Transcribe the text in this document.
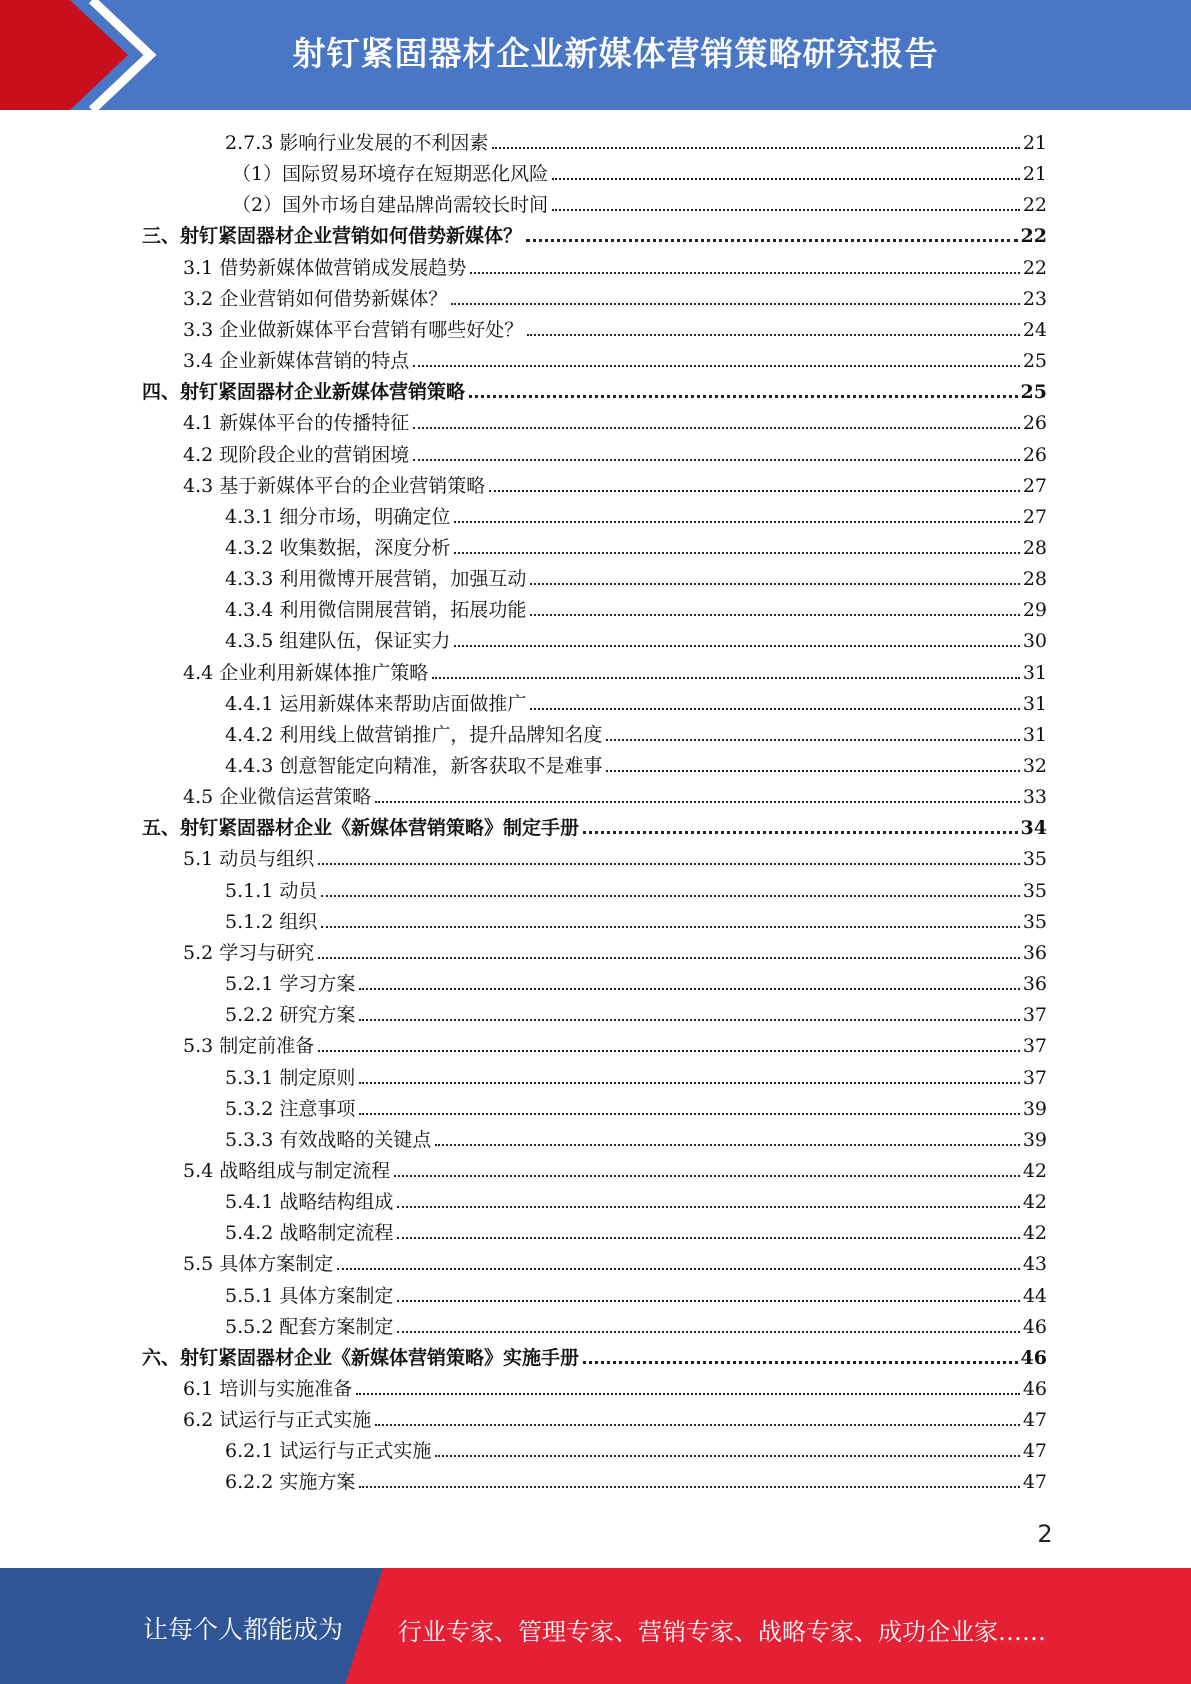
射钉紧固器材企业新媒体营销策略研究报告
2.7.3 影响行业发展的不利因素	21
（1）国际贸易环境存在短期恶化风险	21
（2）国外市场自建品牌尚需较长时间	22
三、射钉紧固器材企业营销如何借势新媒体？	22
3.1 借势新媒体做营销成发展趋势	22
3.2 企业营销如何借势新媒体？	23
3.3 企业做新媒体平台营销有哪些好处？	24
3.4 企业新媒体营销的特点	25
四、射钉紧固器材企业新媒体营销策略	25
4.1 新媒体平台的传播特征	26
4.2 现阶段企业的营销困境	26
4.3 基于新媒体平台的企业营销策略	27
4.3.1 细分市场，明确定位	27
4.3.2 收集数据，深度分析	28
4.3.3 利用微博开展营销，加强互动	28
4.3.4 利用微信開展营销，拓展功能	29
4.3.5 组建队伍，保证实力	30
4.4 企业利用新媒体推广策略	31
4.4.1 运用新媒体来帮助店面做推广	31
4.4.2 利用线上做营销推广，提升品牌知名度	31
4.4.3 创意智能定向精准，新客获取不是难事	32
4.5 企业微信运营策略	33
五、射钉紧固器材企业《新媒体营销策略》制定手册	34
5.1 动员与组织	35
5.1.1 动员	35
5.1.2 组织	35
5.2 学习与研究	36
5.2.1 学习方案	36
5.2.2 研究方案	37
5.3 制定前准备	37
5.3.1 制定原则	37
5.3.2 注意事项	39
5.3.3 有效战略的关键点	39
5.4 战略组成与制定流程	42
5.4.1 战略结构组成	42
5.4.2 战略制定流程	42
5.5 具体方案制定	43
5.5.1 具体方案制定	44
5.5.2 配套方案制定	46
六、射钉紧固器材企业《新媒体营销策略》实施手册	46
6.1 培训与实施准备	46
6.2 试运行与正式实施	47
6.2.1 试运行与正式实施	47
6.2.2 实施方案	47
2
让每个人都能成为 行业专家、管理专家、营销专家、战略专家、成功企业家……
